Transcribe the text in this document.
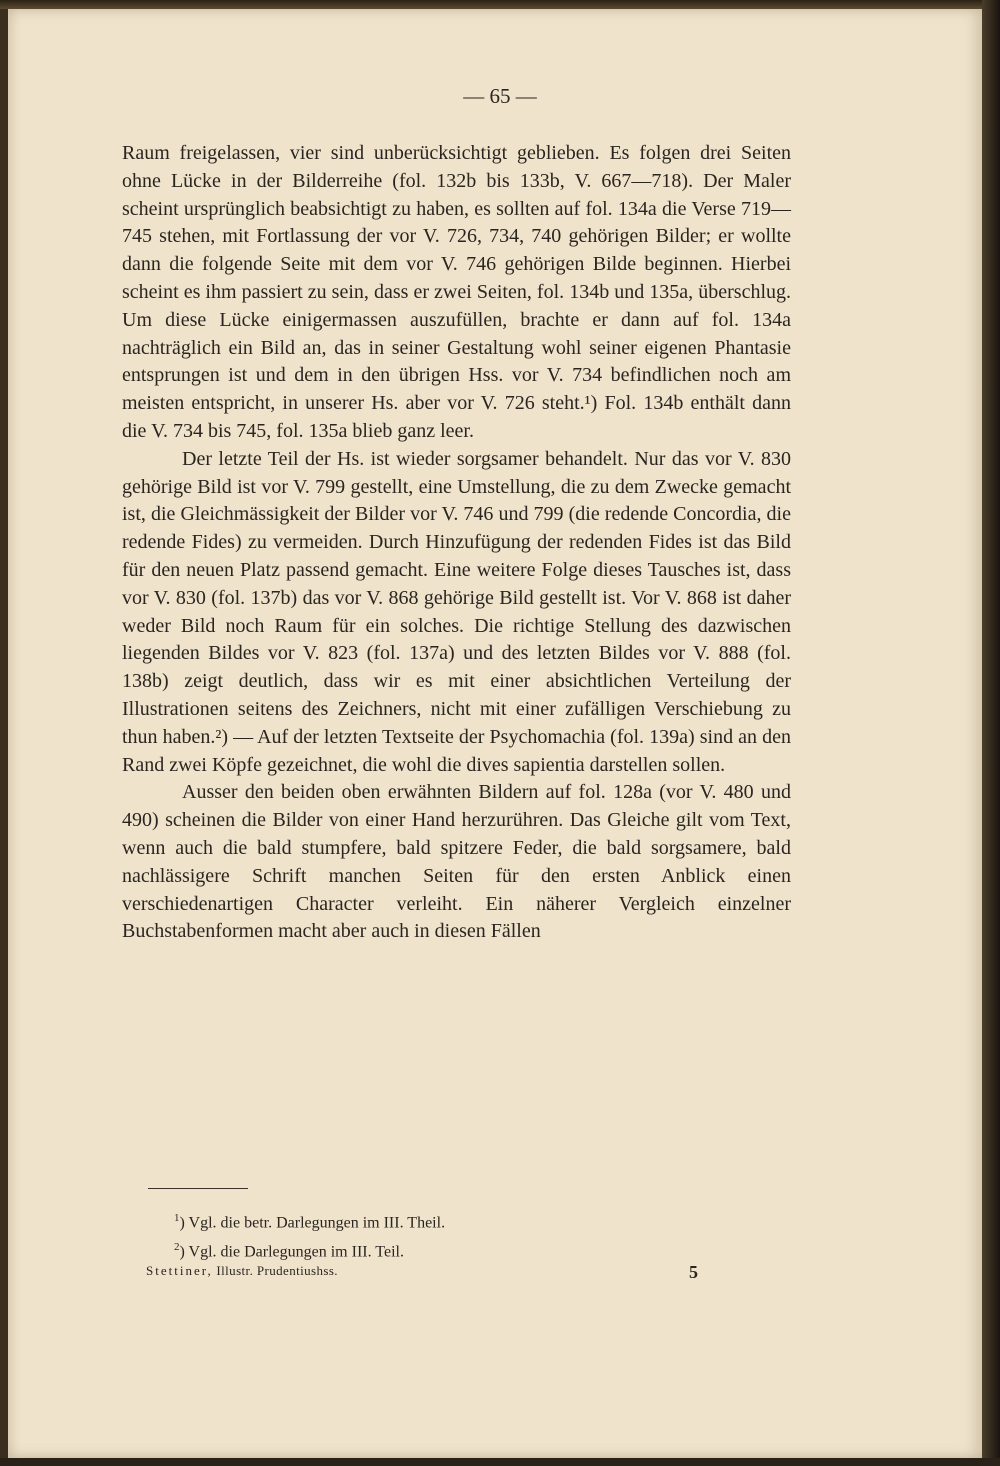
— 65 —

Raum freigelassen, vier sind unberücksichtigt geblieben. Es folgen drei Seiten ohne Lücke in der Bilderreihe (fol. 132b bis 133b, V. 667—718). Der Maler scheint ursprünglich beabsichtigt zu haben, es sollten auf fol. 134a die Verse 719—745 stehen, mit Fortlassung der vor V. 726, 734, 740 gehörigen Bilder; er wollte dann die folgende Seite mit dem vor V. 746 gehörigen Bilde beginnen. Hierbei scheint es ihm passiert zu sein, dass er zwei Seiten, fol. 134b und 135a, überschlug. Um diese Lücke einigermassen auszufüllen, brachte er dann auf fol. 134a nachträglich ein Bild an, das in seiner Gestaltung wohl seiner eigenen Phantasie entsprungen ist und dem in den übrigen Hss. vor V. 734 befindlichen noch am meisten entspricht, in unserer Hs. aber vor V. 726 steht.¹) Fol. 134b enthält dann die V. 734 bis 745, fol. 135a blieb ganz leer.

Der letzte Teil der Hs. ist wieder sorgsamer behandelt. Nur das vor V. 830 gehörige Bild ist vor V. 799 gestellt, eine Umstellung, die zu dem Zwecke gemacht ist, die Gleichmässigkeit der Bilder vor V. 746 und 799 (die redende Concordia, die redende Fides) zu vermeiden. Durch Hinzufügung der redenden Fides ist das Bild für den neuen Platz passend gemacht. Eine weitere Folge dieses Tausches ist, dass vor V. 830 (fol. 137b) das vor V. 868 gehörige Bild gestellt ist. Vor V. 868 ist daher weder Bild noch Raum für ein solches. Die richtige Stellung des dazwischen liegenden Bildes vor V. 823 (fol. 137a) und des letzten Bildes vor V. 888 (fol. 138b) zeigt deutlich, dass wir es mit einer absichtlichen Verteilung der Illustrationen seitens des Zeichners, nicht mit einer zufälligen Verschiebung zu thun haben.²) — Auf der letzten Textseite der Psychomachia (fol. 139a) sind an den Rand zwei Köpfe gezeichnet, die wohl die dives sapientia darstellen sollen.

Ausser den beiden oben erwähnten Bildern auf fol. 128a (vor V. 480 und 490) scheinen die Bilder von einer Hand herzurühren. Das Gleiche gilt vom Text, wenn auch die bald stumpfere, bald spitzere Feder, die bald sorgsamere, bald nachlässigere Schrift manchen Seiten für den ersten Anblick einen verschiedenartigen Character verleiht. Ein näherer Vergleich einzelner Buchstabenformen macht aber auch in diesen Fällen

$^1$) Vgl. die betr. Darlegungen im III. Theil.

$^2$) Vgl. die Darlegungen im III. Teil.

Stettiner, Illustr. Prudentiushss.	5
